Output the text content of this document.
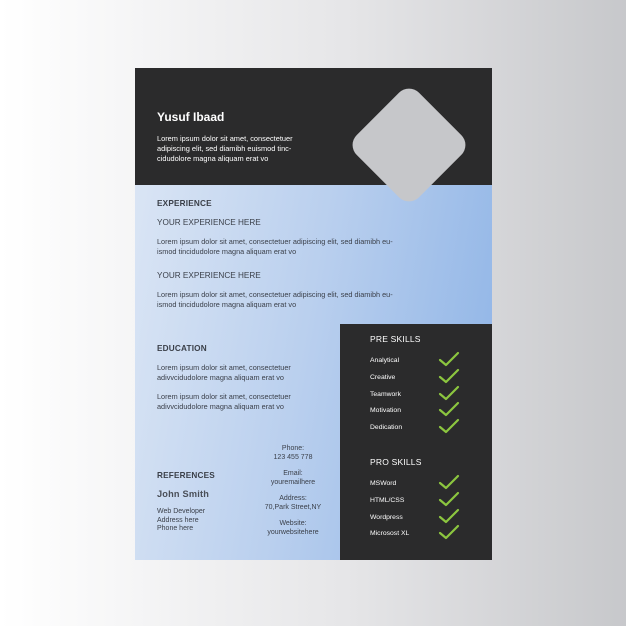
Yusuf Ibaad
Lorem ipsum dolor sit amet, consectetuer
adipiscing elit, sed diamibh euismod tinc-
cidudolore magna aliquam erat vo
EXPERIENCE
YOUR EXPERIENCE HERE
Lorem ipsum dolor sit amet, consectetuer adipiscing elit, sed diamibh eu-
ismod tincidudolore magna aliquam erat vo
YOUR EXPERIENCE HERE
Lorem ipsum dolor sit amet, consectetuer adipiscing elit, sed diamibh eu-
ismod tincidudolore magna aliquam erat vo
EDUCATION
Lorem ipsum dolor sit amet, consectetuer
adivvcidudolore magna aliquam erat vo
Lorem ipsum dolor sit amet, consectetuer
adivvcidudolore magna aliquam erat vo
REFERENCES
John Smith
Web Developer
Address here
Phone here
Phone:
123 455 778
Email:
youremailhere
Address:
70,Park Street,NY
Website:
yourwebsitehere
PRE SKILLS
Analytical
Creative
Teamwork
Motivation
Dedication
PRO SKILLS
MSWord
HTML/CSS
Wordpress
Microsost XL
